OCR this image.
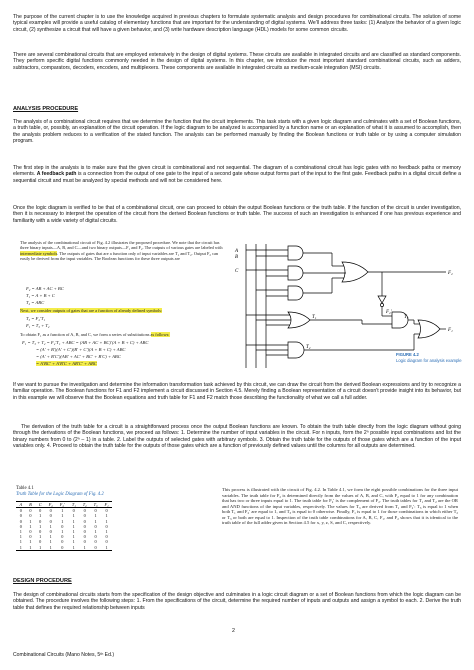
The purpose of the current chapter is to use the knowledge acquired in previous chapters to formulate systematic analysis and design procedures for combinational circuits. The solution of some typical examples will provide a useful catalog of elementary functions that are important for the understanding of digital systems. We'll address three tasks: (1) Analyze the behavior of a given logic circuit, (2) synthesize a circuit that will have a given behavior, and (3) write hardware description language (HDL) models for some common circuits.

There are several combinational circuits that are employed extensively in the design of digital systems. These circuits are available in integrated circuits and are classified as standard components. They perform specific digital functions commonly needed in the design of digital systems. In this chapter, we introduce the most important standard combinational circuits, such as adders, subtractors, comparators, decoders, encoders, and multiplexers. These components are available in integrated circuits as medium-scale integration (MSI) circuits.

ANALYSIS PROCEDURE

The analysis of a combinational circuit requires that we determine the function that the circuit implements. This task starts with a given logic diagram and culminates with a set of Boolean functions, a truth table, or, possibly, an explanation of the circuit operation. If the logic diagram to be analyzed is accompanied by a function name or an explanation of what it is assumed to accomplish, then the analysis problem reduces to a verification of the stated function. The analysis can be performed manually by finding the Boolean functions or truth table or by using a computer simulation program.

The first step in the analysis is to make sure that the given circuit is combinational and not sequential. The diagram of a combinational circuit has logic gates with no feedback paths or memory elements. A feedback path is a connection from the output of one gate to the input of a second gate whose output forms part of the input to the first gate. Feedback paths in a digital circuit define a sequential circuit and must be analyzed by special methods and will not be considered here.

Once the logic diagram is verified to be that of a combinational circuit, one can proceed to obtain the output Boolean functions or the truth table. If the function of the circuit is under investigation, then it is necessary to interpret the operation of the circuit from the derived Boolean functions or truth table. The success of such an investigation is enhanced if one has previous experience and familiarity with a wide variety of digital circuits.

The analysis of the combinational circuit of Fig. 4.2 illustrates the proposed procedure. We note that the circuit has three binary inputs—A, B, and C—and two binary outputs—F₁ and F₂. The outputs of various gates are labeled with intermediate symbols. The outputs of gates that are a function only of input variables are T₁ and T₂. Output F₂ can easily be derived from the input variables. The Boolean functions for these three outputs are
F₂ = AB + AC + BC
T₁ = A + B + C
T₂ = ABC
Next, we consider outputs of gates that are a function of already defined symbols:
T₃ = F₂′T₁
F₁ = T₃ + T₂
To obtain F₁ as a function of A, B, and C, we form a series of substitutions as follows:
F₁ = T₃ + T₂ = F₂′T₁ + ABC = (AB + AC + BC)′(A + B + C) + ABC
= (A′ + B′)(A′ + C′)(B′ + C′)(A + B + C) + ABC
= (A′ + B′C′)(AB′ + AC′ + BC′ + B′C) + ABC
= A′BC′ + A′B′C + AB′C′ + ABC
A
B
C	F₂
F₁
T₁
T₂
T₃
F₂′
FIGURE 4.2
Logic diagram for analysis example

If we want to pursue the investigation and determine the information transformation task achieved by this circuit, we can draw the circuit from the derived Boolean expressions and try to recognize a familiar operation. The Boolean functions for F1 and F2 implement a circuit discussed in Section 4.5. Merely finding a Boolean representation of a circuit doesn't provide insight into its behavior, but in this example we will observe that the Boolean equations and truth table for F1 and F2 match those describing the functionality of what we call a full adder.

The derivation of the truth table for a circuit is a straightforward process once the output Boolean functions are known. To obtain the truth table directly from the logic diagram without going through the derivations of the Boolean functions, we proceed as follows: 1. Determine the number of input variables in the circuit. For n inputs, form the 2ⁿ possible input combinations and list the binary numbers from 0 to (2ⁿ – 1) in a table. 2. Label the outputs of selected gates with arbitrary symbols. 3. Obtain the truth table for the outputs of those gates which are a function of the input variables only. 4. Proceed to obtain the truth table for the outputs of those gates which are a function of previously defined values until the columns for all outputs are determined.

Table 4.1
Truth Table for the Logic Diagram of Fig. 4.2
A	B	C	F₂	F₂′	T₁	T₂	T₃	F₁
0	0	0	0	1	0	0	0	0
0	0	1	0	1	1	0	1	1
0	1	0	0	1	1	0	1	1
0	1	1	1	0	1	0	0	0
1	0	0	0	1	1	0	1	1
1	0	1	1	0	1	0	0	0
1	1	0	1	0	1	0	0	0
1	1	1	1	0	1	1	0	1
This process is illustrated with the circuit of Fig. 4.2. In Table 4.1, we form the eight possible combinations for the three input variables. The truth table for F₂ is determined directly from the values of A, B, and C, with F₂ equal to 1 for any combination that has two or three inputs equal to 1. The truth table for F₂′ is the complement of F₂. The truth tables for T₁ and T₂ are the OR and AND functions of the input variables, respectively. The values for T₃ are derived from T₁ and F₂′: T₃ is equal to 1 when both T₁ and F₂′ are equal to 1, and T₃ is equal to 0 otherwise. Finally, F₁ is equal to 1 for those combinations in which either T₂ or T₃ or both are equal to 1. Inspection of the truth table combinations for A, B, C, F₁, and F₂ shows that it is identical to the truth table of the full adder given in Section 4.5 for x, y, z, S, and C, respectively.
DESIGN PROCEDURE

The design of combinational circuits starts from the specification of the design objective and culminates in a logic circuit diagram or a set of Boolean functions from which the logic diagram can be obtained. The procedure involves the following steps: 1. From the specifications of the circuit, determine the required number of inputs and outputs and assign a symbol to each. 2. Derive the truth table that defines the required relationship between inputs

2
Combinational Circuits (Mano Notes, 5ᵗʰ Ed.)
